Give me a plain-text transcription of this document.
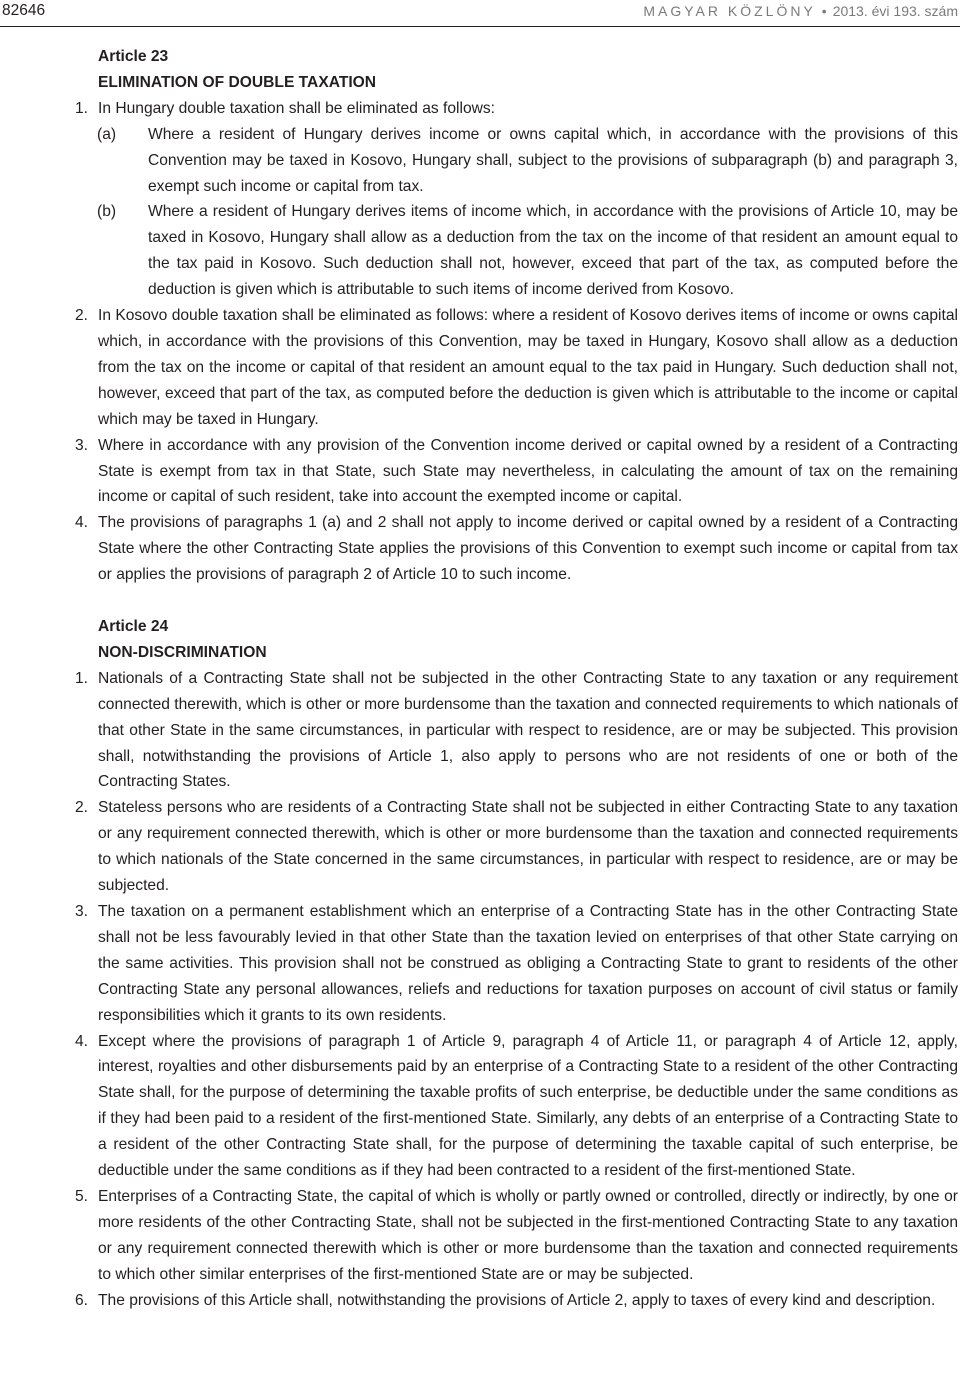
82646	MAGYAR KÖZLÖNY • 2013. évi 193. szám
Article 23
ELIMINATION OF DOUBLE TAXATION
1. In Hungary double taxation shall be eliminated as follows:
(a) Where a resident of Hungary derives income or owns capital which, in accordance with the provisions of this Convention may be taxed in Kosovo, Hungary shall, subject to the provisions of subparagraph (b) and paragraph 3, exempt such income or capital from tax.
(b) Where a resident of Hungary derives items of income which, in accordance with the provisions of Article 10, may be taxed in Kosovo, Hungary shall allow as a deduction from the tax on the income of that resident an amount equal to the tax paid in Kosovo. Such deduction shall not, however, exceed that part of the tax, as computed before the deduction is given which is attributable to such items of income derived from Kosovo.
2. In Kosovo double taxation shall be eliminated as follows: where a resident of Kosovo derives items of income or owns capital which, in accordance with the provisions of this Convention, may be taxed in Hungary, Kosovo shall allow as a deduction from the tax on the income or capital of that resident an amount equal to the tax paid in Hungary. Such deduction shall not, however, exceed that part of the tax, as computed before the deduction is given which is attributable to the income or capital which may be taxed in Hungary.
3. Where in accordance with any provision of the Convention income derived or capital owned by a resident of a Contracting State is exempt from tax in that State, such State may nevertheless, in calculating the amount of tax on the remaining income or capital of such resident, take into account the exempted income or capital.
4. The provisions of paragraphs 1 (a) and 2 shall not apply to income derived or capital owned by a resident of a Contracting State where the other Contracting State applies the provisions of this Convention to exempt such income or capital from tax or applies the provisions of paragraph 2 of Article 10 to such income.
Article 24
NON-DISCRIMINATION
1. Nationals of a Contracting State shall not be subjected in the other Contracting State to any taxation or any requirement connected therewith, which is other or more burdensome than the taxation and connected requirements to which nationals of that other State in the same circumstances, in particular with respect to residence, are or may be subjected. This provision shall, notwithstanding the provisions of Article 1, also apply to persons who are not residents of one or both of the Contracting States.
2. Stateless persons who are residents of a Contracting State shall not be subjected in either Contracting State to any taxation or any requirement connected therewith, which is other or more burdensome than the taxation and connected requirements to which nationals of the State concerned in the same circumstances, in particular with respect to residence, are or may be subjected.
3. The taxation on a permanent establishment which an enterprise of a Contracting State has in the other Contracting State shall not be less favourably levied in that other State than the taxation levied on enterprises of that other State carrying on the same activities. This provision shall not be construed as obliging a Contracting State to grant to residents of the other Contracting State any personal allowances, reliefs and reductions for taxation purposes on account of civil status or family responsibilities which it grants to its own residents.
4. Except where the provisions of paragraph 1 of Article 9, paragraph 4 of Article 11, or paragraph 4 of Article 12, apply, interest, royalties and other disbursements paid by an enterprise of a Contracting State to a resident of the other Contracting State shall, for the purpose of determining the taxable profits of such enterprise, be deductible under the same conditions as if they had been paid to a resident of the first-mentioned State. Similarly, any debts of an enterprise of a Contracting State to a resident of the other Contracting State shall, for the purpose of determining the taxable capital of such enterprise, be deductible under the same conditions as if they had been contracted to a resident of the first-mentioned State.
5. Enterprises of a Contracting State, the capital of which is wholly or partly owned or controlled, directly or indirectly, by one or more residents of the other Contracting State, shall not be subjected in the first-mentioned Contracting State to any taxation or any requirement connected therewith which is other or more burdensome than the taxation and connected requirements to which other similar enterprises of the first-mentioned State are or may be subjected.
6. The provisions of this Article shall, notwithstanding the provisions of Article 2, apply to taxes of every kind and description.
